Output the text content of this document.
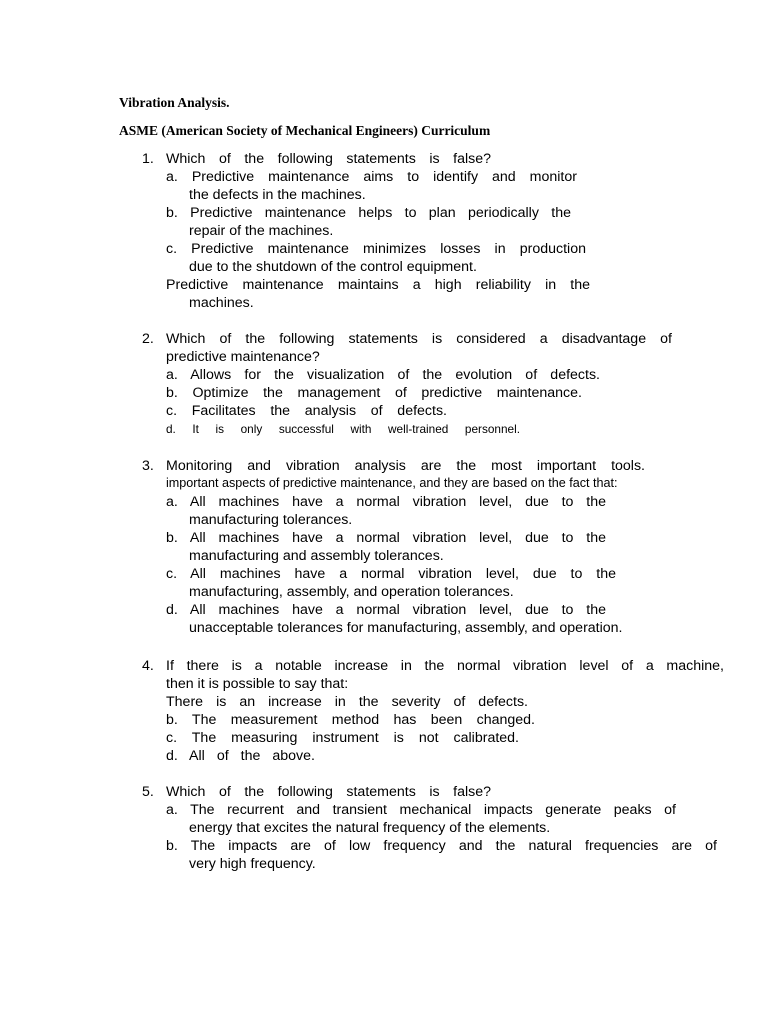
Vibration Analysis.
ASME (American Society of Mechanical Engineers) Curriculum
1. Which of the following statements is false?
a. Predictive maintenance aims to identify and monitor
the defects in the machines.
b. Predictive maintenance helps to plan periodically the
repair of the machines.
c. Predictive maintenance minimizes losses in production
due to the shutdown of the control equipment.
Predictive maintenance maintains a high reliability in the
machines.
2. Which of the following statements is considered a disadvantage of
predictive maintenance?
a. Allows for the visualization of the evolution of defects.
b. Optimize the management of predictive maintenance.
c. Facilitates the analysis of defects.
d. It is only successful with well-trained personnel.
3. Monitoring and vibration analysis are the most important tools.
important aspects of predictive maintenance, and they are based on the fact that:
a. All machines have a normal vibration level, due to the
manufacturing tolerances.
b. All machines have a normal vibration level, due to the
manufacturing and assembly tolerances.
c. All machines have a normal vibration level, due to the
manufacturing, assembly, and operation tolerances.
d. All machines have a normal vibration level, due to the
unacceptable tolerances for manufacturing, assembly, and operation.
4. If there is a notable increase in the normal vibration level of a machine,
then it is possible to say that:
There is an increase in the severity of defects.
b. The measurement method has been changed.
c. The measuring instrument is not calibrated.
d. All of the above.
5. Which of the following statements is false?
a. The recurrent and transient mechanical impacts generate peaks of
energy that excites the natural frequency of the elements.
b. The impacts are of low frequency and the natural frequencies are of
very high frequency.
